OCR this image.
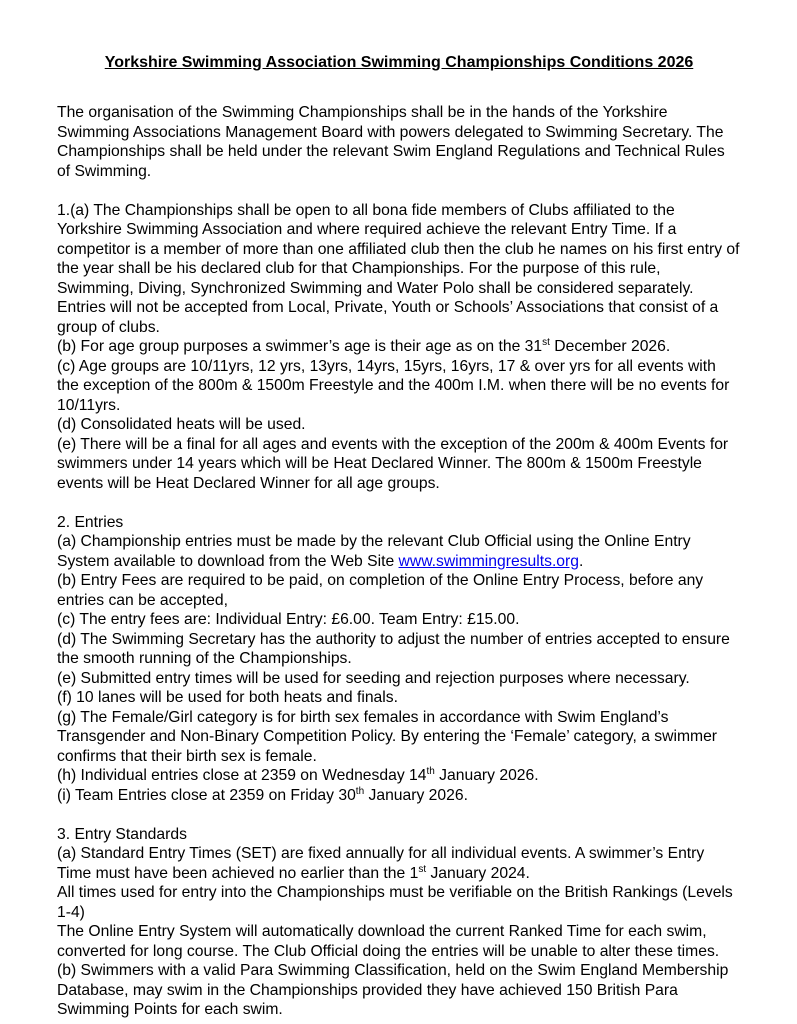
Yorkshire Swimming Association Swimming Championships Conditions 2026

The organisation of the Swimming Championships shall be in the hands of the Yorkshire Swimming Associations Management Board with powers delegated to Swimming Secretary. The Championships shall be held under the relevant Swim England Regulations and Technical Rules of Swimming.

1.(a) The Championships shall be open to all bona fide members of Clubs affiliated to the Yorkshire Swimming Association and where required achieve the relevant Entry Time. If a competitor is a member of more than one affiliated club then the club he names on his first entry of the year shall be his declared club for that Championships. For the purpose of this rule, Swimming, Diving, Synchronized Swimming and Water Polo shall be considered separately. Entries will not be accepted from Local, Private, Youth or Schools’ Associations that consist of a group of clubs.

(b) For age group purposes a swimmer’s age is their age as on the 31st December 2026.

(c) Age groups are 10/11yrs, 12 yrs, 13yrs, 14yrs, 15yrs, 16yrs, 17 & over yrs for all events with the exception of the 800m & 1500m Freestyle and the 400m I.M. when there will be no events for 10/11yrs.

(d) Consolidated heats will be used.

(e) There will be a final for all ages and events with the exception of the 200m & 400m Events for swimmers under 14 years which will be Heat Declared Winner. The 800m & 1500m Freestyle events will be Heat Declared Winner for all age groups.

2. Entries

(a) Championship entries must be made by the relevant Club Official using the Online Entry System available to download from the Web Site www.swimmingresults.org.

(b) Entry Fees are required to be paid, on completion of the Online Entry Process, before any entries can be accepted,

(c) The entry fees are: Individual Entry: £6.00. Team Entry: £15.00.

(d) The Swimming Secretary has the authority to adjust the number of entries accepted to ensure the smooth running of the Championships.

(e) Submitted entry times will be used for seeding and rejection purposes where necessary.

(f) 10 lanes will be used for both heats and finals.

(g) The Female/Girl category is for birth sex females in accordance with Swim England’s Transgender and Non-Binary Competition Policy. By entering the ‘Female’ category, a swimmer confirms that their birth sex is female.

(h) Individual entries close at 2359 on Wednesday 14th January 2026.

(i) Team Entries close at 2359 on Friday 30th January 2026.

3. Entry Standards

(a) Standard Entry Times (SET) are fixed annually for all individual events. A swimmer’s Entry Time must have been achieved no earlier than the 1st January 2024.

All times used for entry into the Championships must be verifiable on the British Rankings (Levels 1-4)

The Online Entry System will automatically download the current Ranked Time for each swim, converted for long course. The Club Official doing the entries will be unable to alter these times.

(b) Swimmers with a valid Para Swimming Classification, held on the Swim England Membership Database, may swim in the Championships provided they have achieved 150 British Para Swimming Points for each swim.
